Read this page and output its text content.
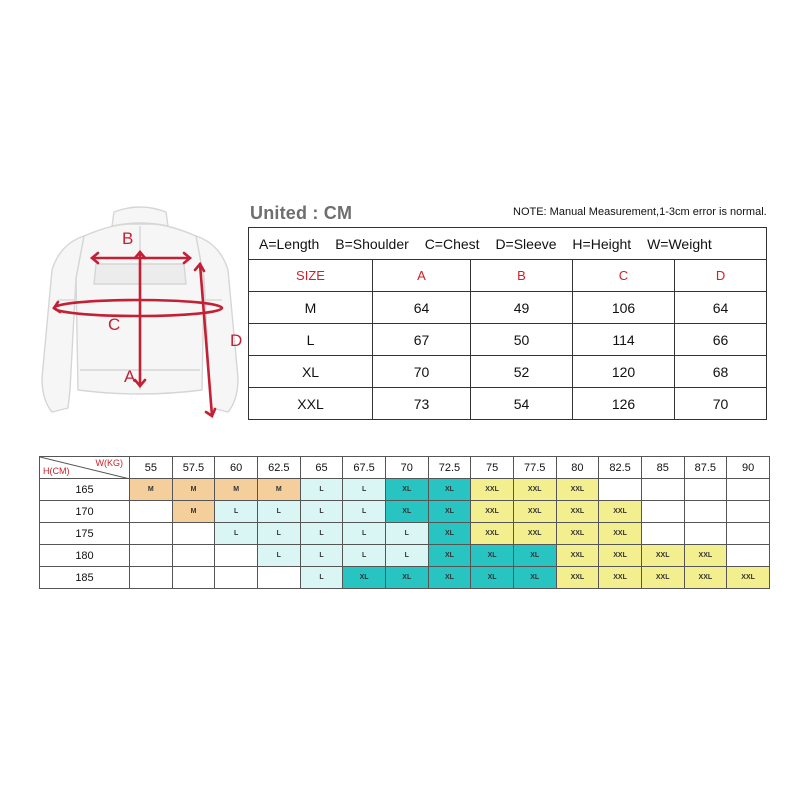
B
C
A
D
United : CM	NOTE: Manual Measurement,1-3cm error is normal.
A=Length B=Shoulder C=Chest D=Sleeve H=Height W=Weight				
SIZE	A	B	C	D
M	64	49	106	64
L	67	50	114	66
XL	70	52	120	68
XXL	73	54	126	70
W(KG)
H(CM)	55	57.5	60	62.5	65	67.5	70	72.5	75	77.5	80	82.5	85	87.5	90
165	M	M	M	M	L	L	XL	XL	XXL	XXL	XXL				
170		M	L	L	L	L	XL	XL	XXL	XXL	XXL	XXL			
175			L	L	L	L	L	XL	XXL	XXL	XXL	XXL			
180				L	L	L	L	XL	XL	XL	XXL	XXL	XXL	XXL	
185					L	XL	XL	XL	XL	XL	XXL	XXL	XXL	XXL	XXL
